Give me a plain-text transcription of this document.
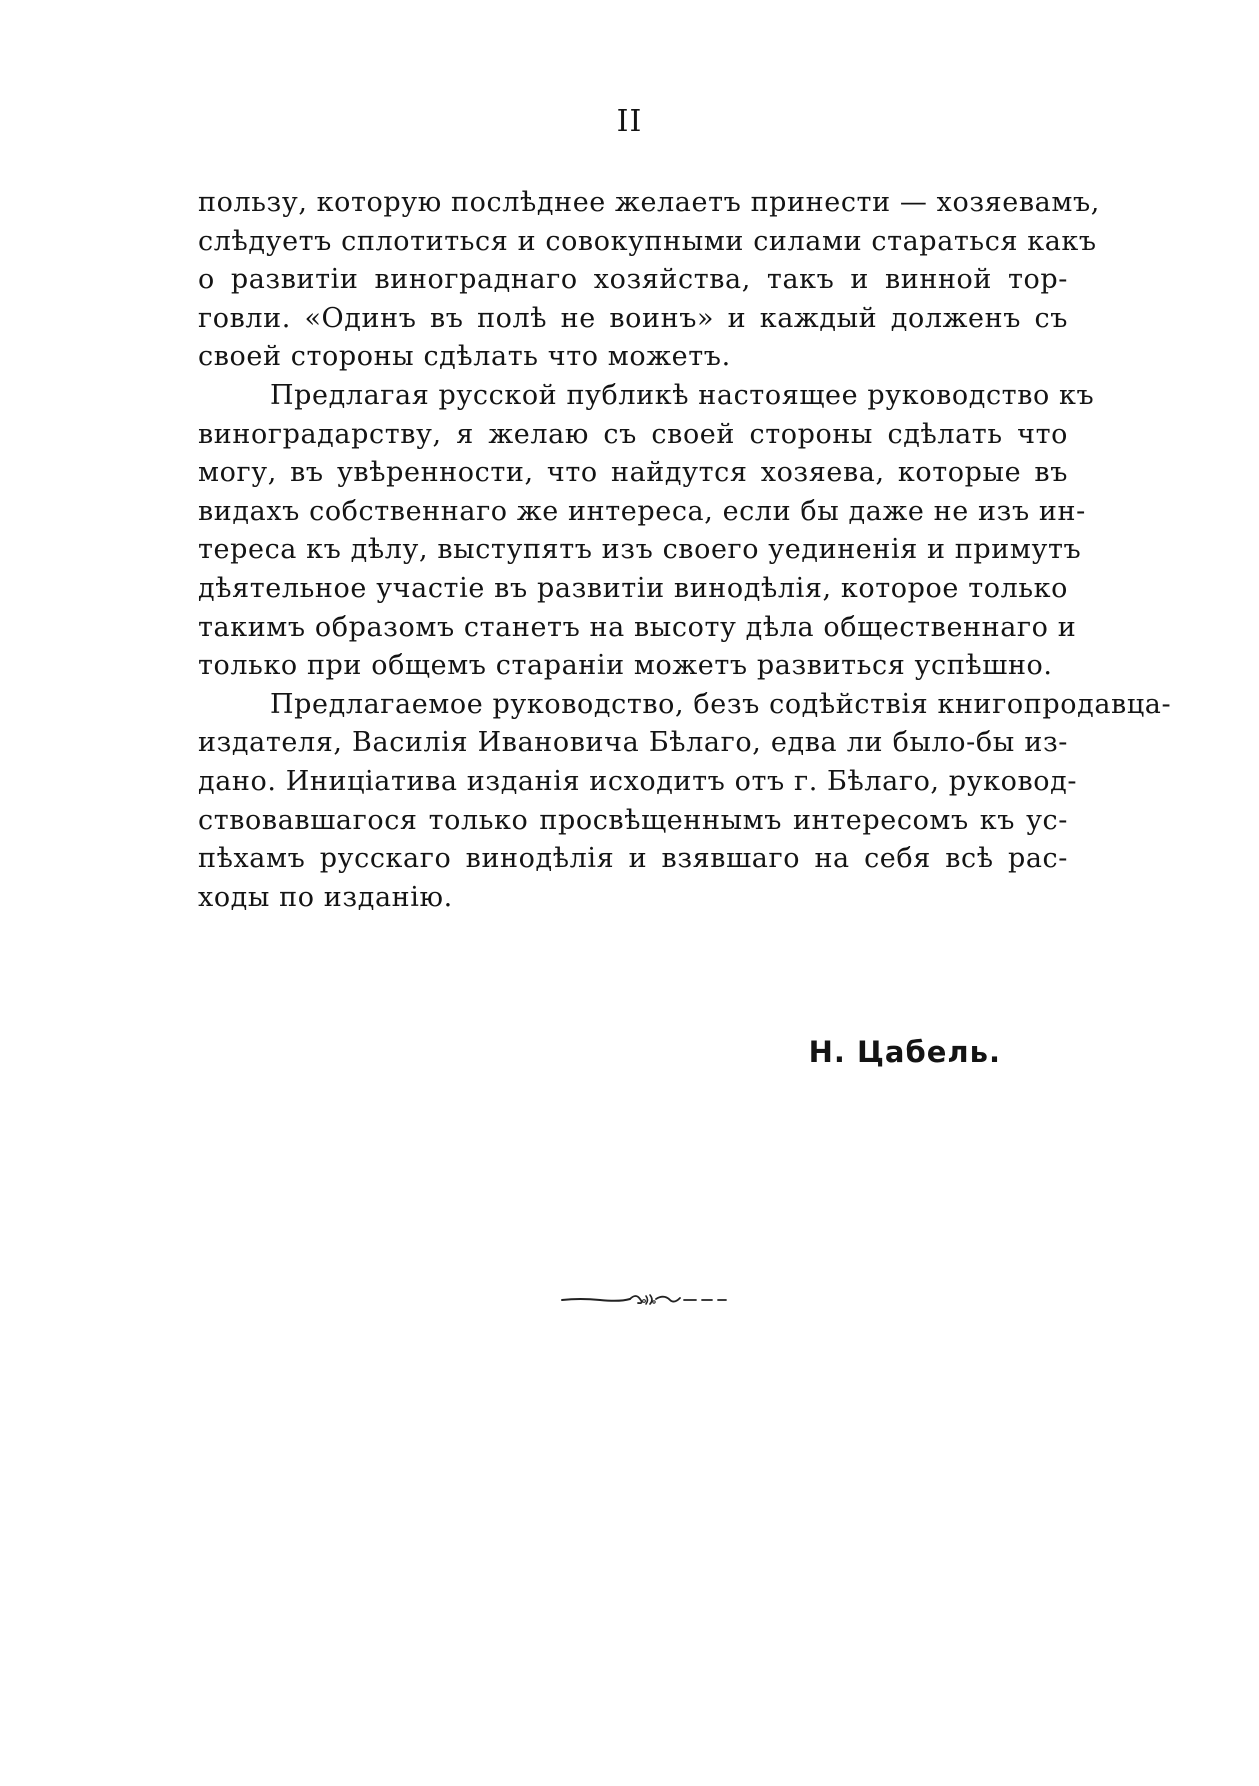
II

пользу, которую послѣднее желаетъ принести — хозяевамъ,
слѣдуетъ сплотиться и совокупными силами стараться какъ
о развитіи винограднаго хозяйства, такъ и винной тор-
говли. «Одинъ въ полѣ не воинъ» и каждый долженъ съ
своей стороны сдѣлать что можетъ.

Предлагая русской публикѣ настоящее руководство къ
виноградарству, я желаю съ своей стороны сдѣлать что
могу, въ увѣренности, что найдутся хозяева, которые въ
видахъ собственнаго же интереса, если бы даже не изъ ин-
тереса къ дѣлу, выступятъ изъ своего уединенія и примутъ
дѣятельное участіе въ развитіи винодѣлія, которое только
такимъ образомъ станетъ на высоту дѣла общественнаго и
только при общемъ стараніи можетъ развиться успѣшно.

Предлагаемое руководство, безъ содѣйствія книгопродавца-
издателя, Василія Ивановича Бѣлаго, едва ли было-бы из-
дано. Иниціатива изданія исходитъ отъ г. Бѣлаго, руковод-
ствовавшагося только просвѣщеннымъ интересомъ къ ус-
пѣхамъ русскаго винодѣлія и взявшаго на себя всѣ рас-
ходы по изданію.

Н. Цабель.
